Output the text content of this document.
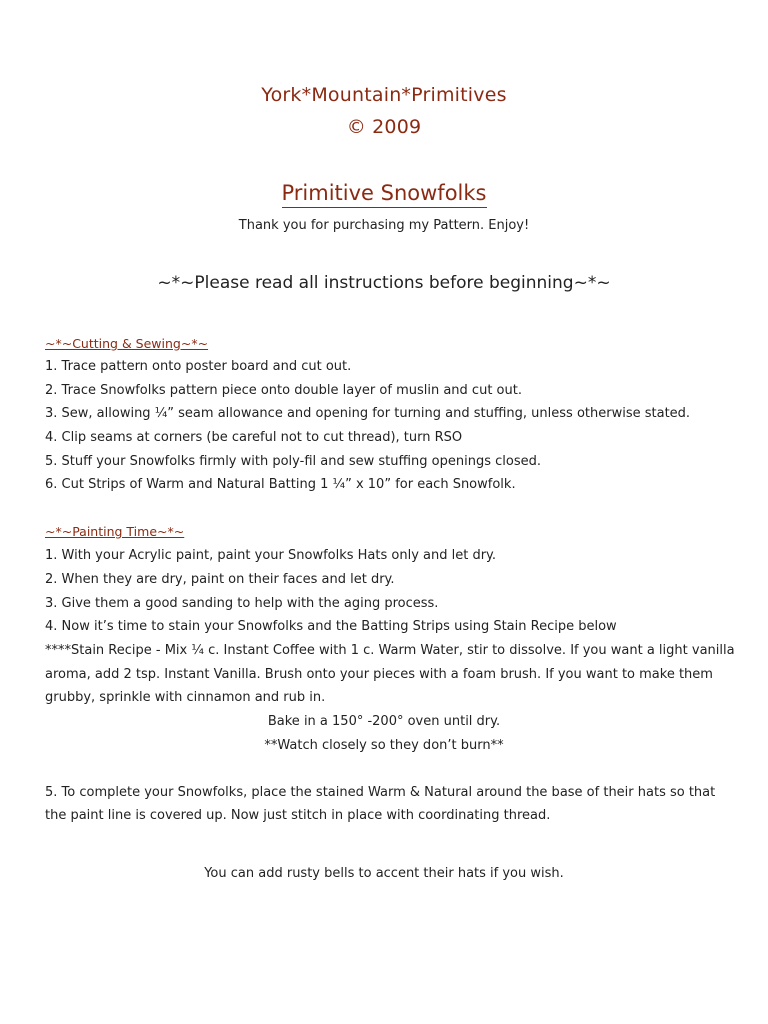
York*Mountain*Primitives
© 2009
Primitive Snowfolks
Thank you for purchasing my Pattern. Enjoy!
~*~Please read all instructions before beginning~*~
~*~Cutting & Sewing~*~
1. Trace pattern onto poster board and cut out.
2. Trace Snowfolks pattern piece onto double layer of muslin and cut out.
3. Sew, allowing ¼” seam allowance and opening for turning and stuffing, unless otherwise stated.
4. Clip seams at corners (be careful not to cut thread), turn RSO
5. Stuff your Snowfolks firmly with poly-fil and sew stuffing openings closed.
6. Cut Strips of Warm and Natural Batting 1 ¼” x 10” for each Snowfolk.
~*~Painting Time~*~
1. With your Acrylic paint, paint your Snowfolks Hats only and let dry.
2. When they are dry, paint on their faces and let dry.
3. Give them a good sanding to help with the aging process.
4. Now it’s time to stain your Snowfolks and the Batting Strips using Stain Recipe below
****Stain Recipe - Mix ¼ c. Instant Coffee with 1 c. Warm Water, stir to dissolve. If you want a light vanilla
aroma, add 2 tsp. Instant Vanilla. Brush onto your pieces with a foam brush. If you want to make them
grubby, sprinkle with cinnamon and rub in.
Bake in a 150° -200° oven until dry.
**Watch closely so they don’t burn**
5. To complete your Snowfolks, place the stained Warm & Natural around the base of their hats so that
the paint line is covered up. Now just stitch in place with coordinating thread.
You can add rusty bells to accent their hats if you wish.
